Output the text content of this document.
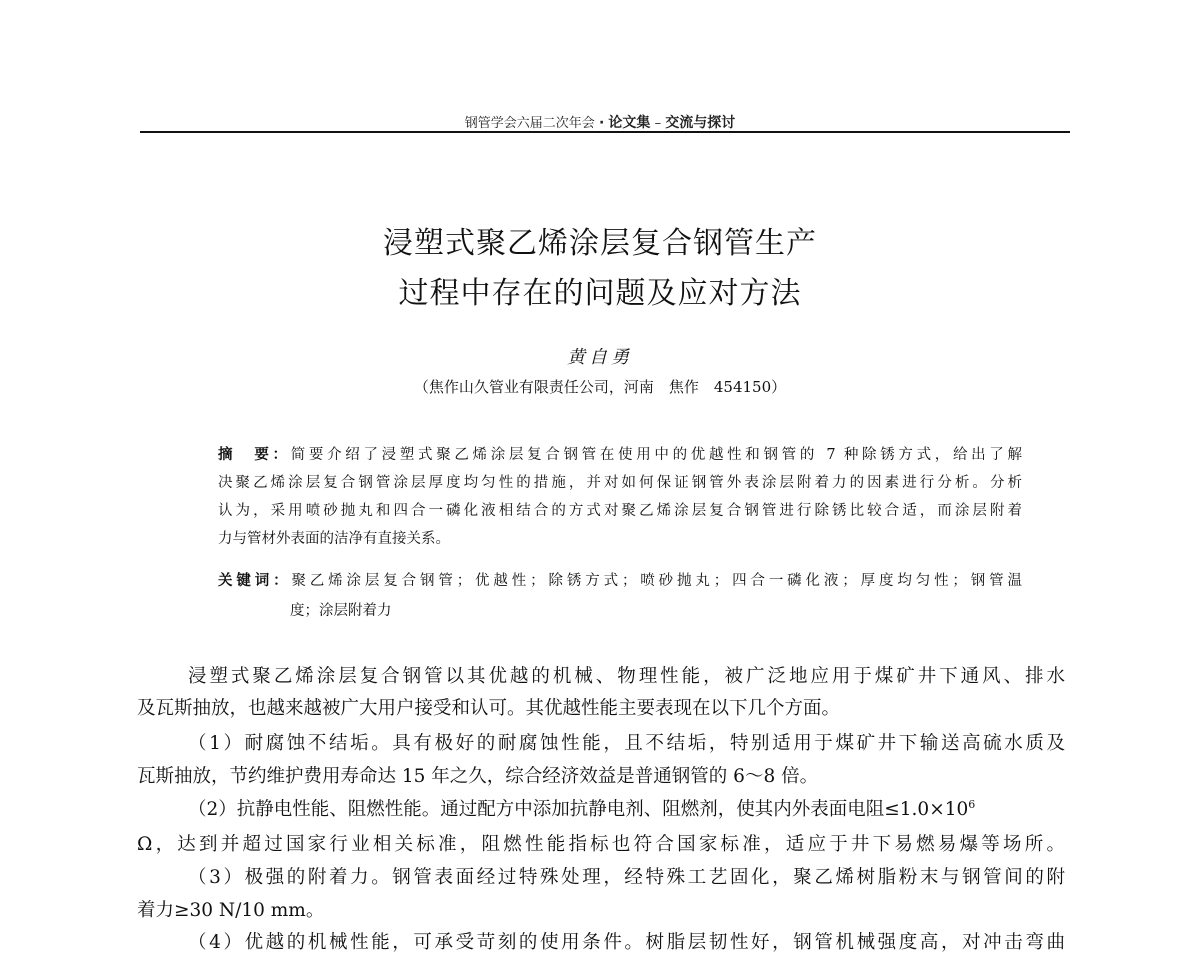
钢管学会六届二次年会 · 论文集 – 交流与探讨
浸塑式聚乙烯涂层复合钢管生产
过程中存在的问题及应对方法
黄自勇
（焦作山久管业有限责任公司，河南　焦作　454150）
摘　要：简要介绍了浸塑式聚乙烯涂层复合钢管在使用中的优越性和钢管的 7 种除锈方式，给出了解
决聚乙烯涂层复合钢管涂层厚度均匀性的措施，并对如何保证钢管外表涂层附着力的因素进行分析。分析
认为，采用喷砂抛丸和四合一磷化液相结合的方式对聚乙烯涂层复合钢管进行除锈比较合适，而涂层附着
力与管材外表面的洁净有直接关系。
关键词：聚乙烯涂层复合钢管；优越性；除锈方式；喷砂抛丸；四合一磷化液；厚度均匀性；钢管温
度；涂层附着力
浸塑式聚乙烯涂层复合钢管以其优越的机械、物理性能，被广泛地应用于煤矿井下通风、排水
及瓦斯抽放，也越来越被广大用户接受和认可。其优越性能主要表现在以下几个方面。
（1）耐腐蚀不结垢。具有极好的耐腐蚀性能，且不结垢，特别适用于煤矿井下输送高硫水质及
瓦斯抽放，节约维护费用寿命达 15 年之久，综合经济效益是普通钢管的 6～8 倍。
（2）抗静电性能、阻燃性能。通过配方中添加抗静电剂、阻燃剂，使其内外表面电阻$\le 1.0\times 10^6$
Ω，达到并超过国家行业相关标准，阻燃性能指标也符合国家标准，适应于井下易燃易爆等场所。
（3）极强的附着力。钢管表面经过特殊处理，经特殊工艺固化，聚乙烯树脂粉末与钢管间的附
着力≥30 N/10 mm。
（4）优越的机械性能，可承受苛刻的使用条件。树脂层韧性好，钢管机械强度高，对冲击弯曲
